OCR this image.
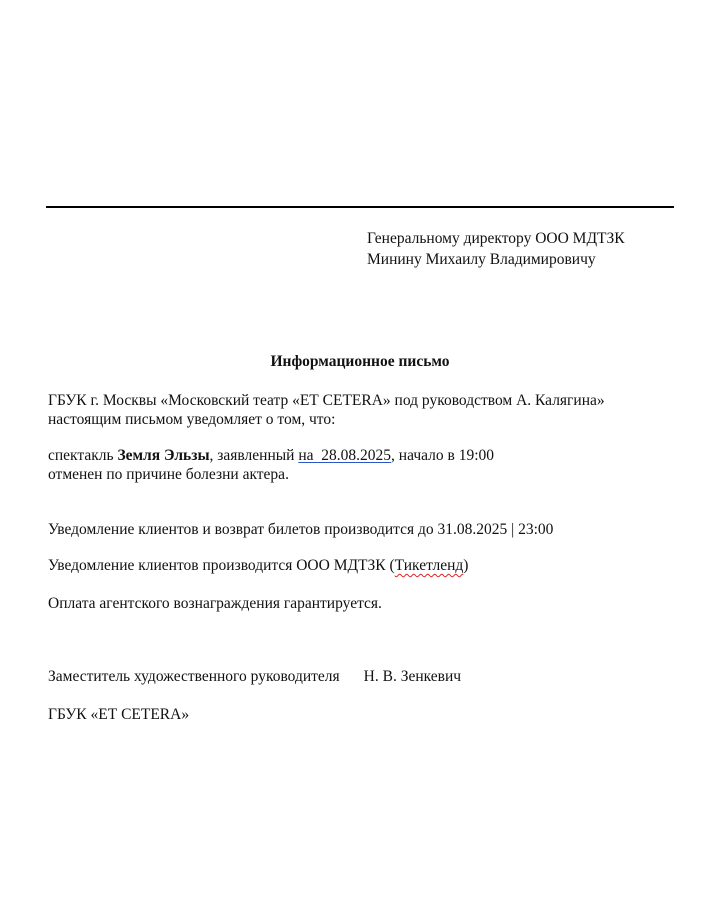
Генеральному директору ООО МДТЗК
Минину Михаилу Владимировичу
Информационное письмо
ГБУК г. Москвы «Московский театр «ЕТ CETERA» под руководством А. Калягина»
настоящим письмом уведомляет о том, что:
спектакль Земля Эльзы, заявленный на  28.08.2025, начало в 19:00
отменен по причине болезни актера.
Уведомление клиентов и возврат билетов производится до 31.08.2025 | 23:00
Уведомление клиентов производится ООО МДТЗК (Тикетленд)
Оплата агентского вознаграждения гарантируется.
Заместитель художественного руководителя Н. В. Зенкевич
ГБУК «ЕТ CETERA»
